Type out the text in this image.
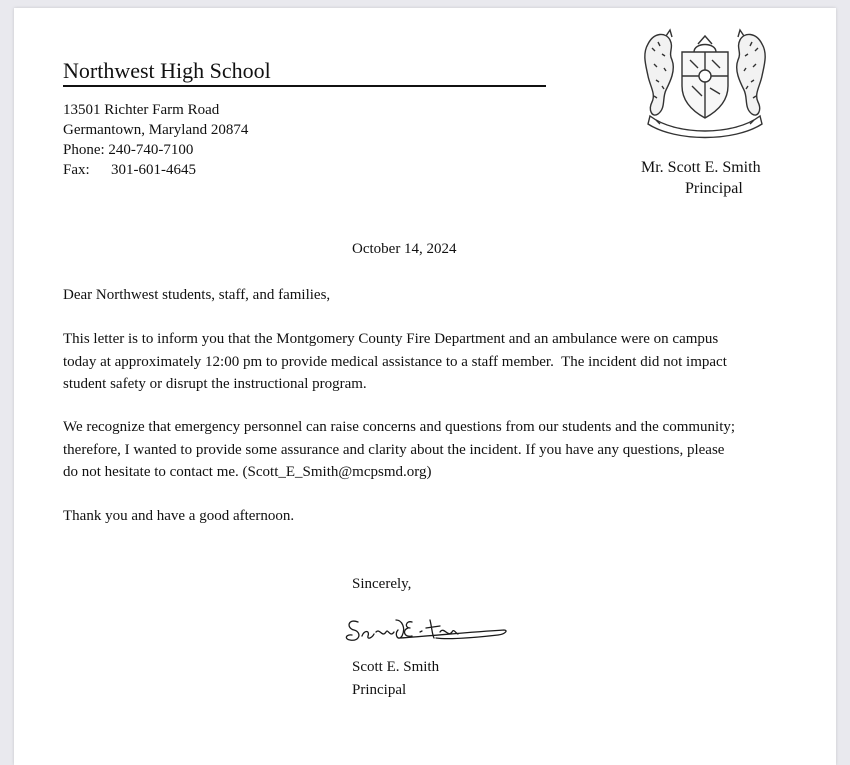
Northwest High School
13501 Richter Farm Road
Germantown, Maryland 20874
Phone: 240-740-7100
Fax: 301-601-4645	Mr. Scott E. Smith
Principal
October 14, 2024
Dear Northwest students, staff, and families,
This letter is to inform you that the Montgomery County Fire Department and an ambulance were on campus
today at approximately 12:00 pm to provide medical assistance to a staff member.  The incident did not impact
student safety or disrupt the instructional program.
We recognize that emergency personnel can raise concerns and questions from our students and the community;
therefore, I wanted to provide some assurance and clarity about the incident. If you have any questions, please
do not hesitate to contact me. (Scott_E_Smith@mcpsmd.org)
Thank you and have a good afternoon.
Sincerely,
Scott E. Smith
Principal
